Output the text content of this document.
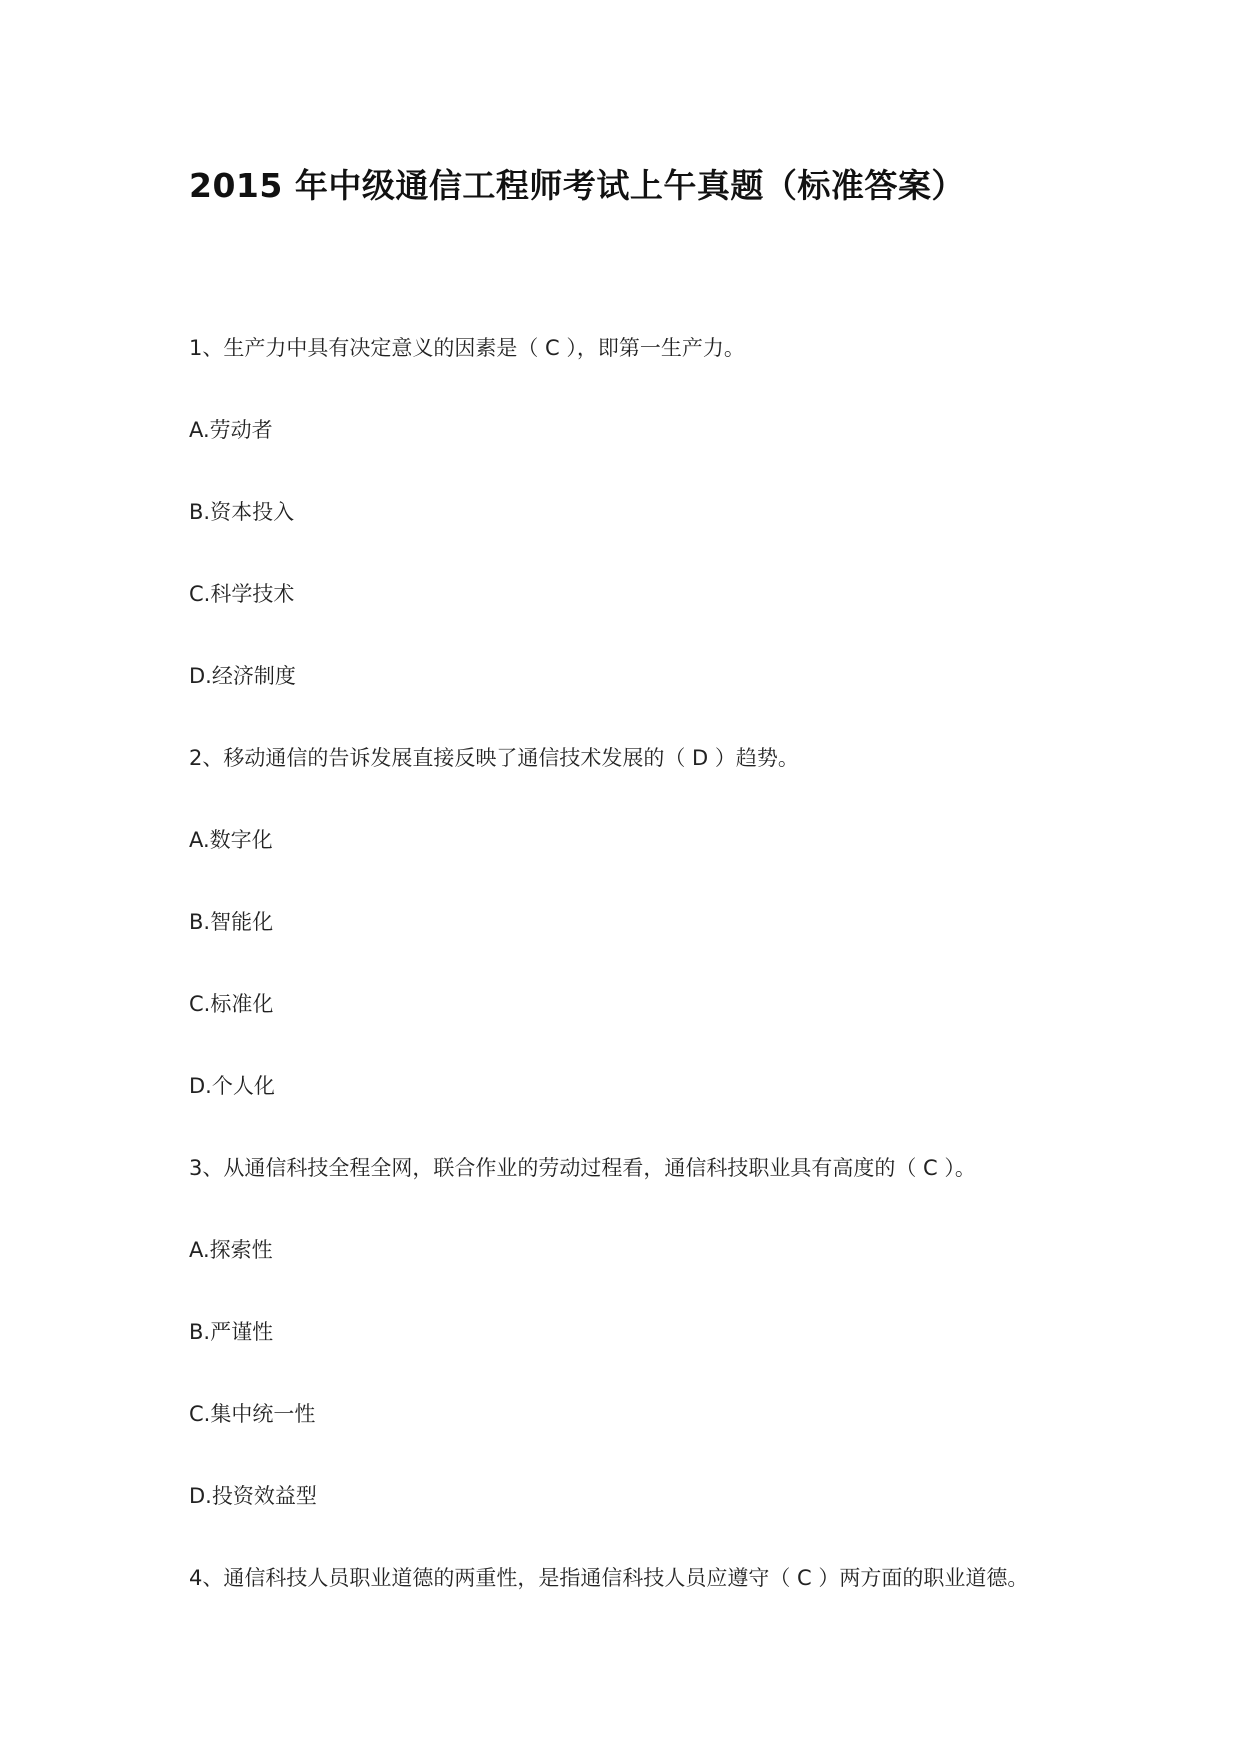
2015 年中级通信工程师考试上午真题（标准答案）
1、生产力中具有决定意义的因素是（ C ），即第一生产力。
A.劳动者
B.资本投入
C.科学技术
D.经济制度
2、移动通信的告诉发展直接反映了通信技术发展的（ D ）趋势。
A.数字化
B.智能化
C.标准化
D.个人化
3、从通信科技全程全网，联合作业的劳动过程看，通信科技职业具有高度的（ C ）。
A.探索性
B.严谨性
C.集中统一性
D.投资效益型
4、通信科技人员职业道德的两重性，是指通信科技人员应遵守（ C ）两方面的职业道德。
